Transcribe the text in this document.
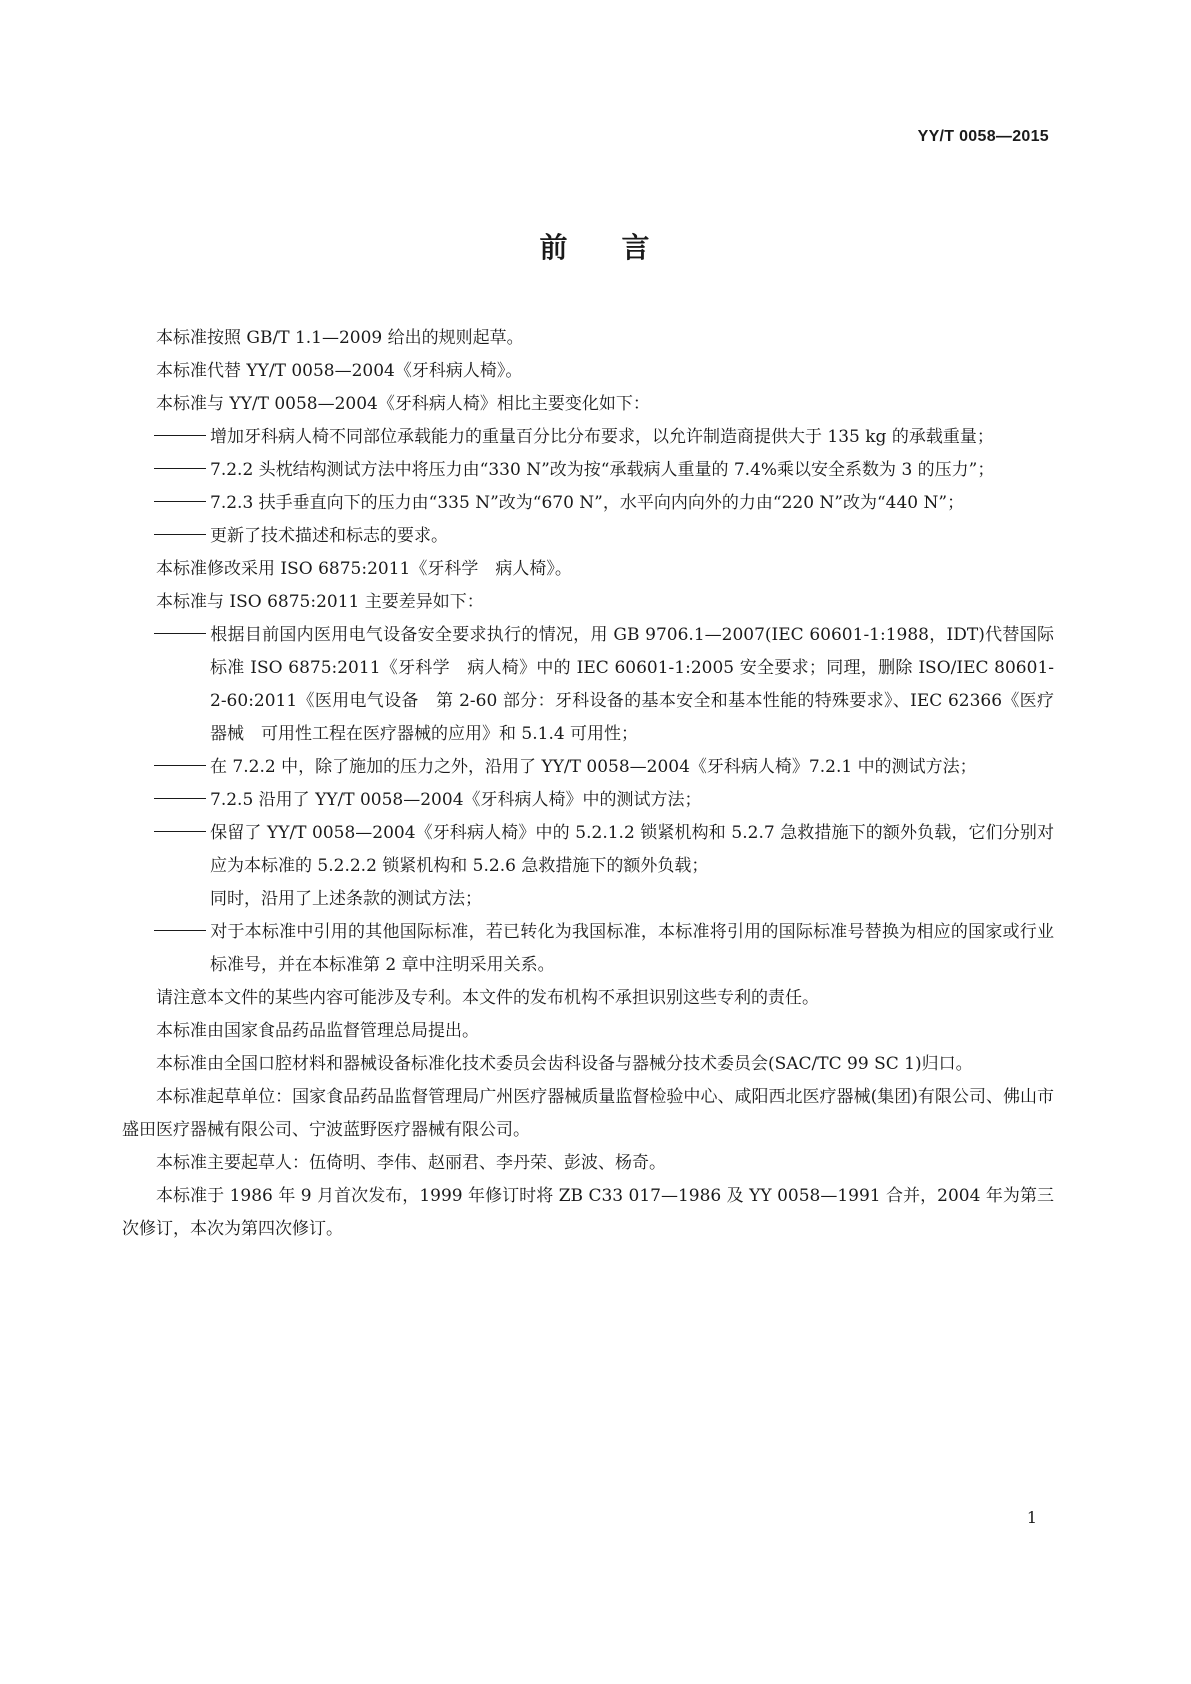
YY/T 0058—2015
前 言

本标准按照 GB/T 1.1—2009 给出的规则起草。

本标准代替 YY/T 0058—2004《牙科病人椅》。

本标准与 YY/T 0058—2004《牙科病人椅》相比主要变化如下：

增加牙科病人椅不同部位承载能力的重量百分比分布要求，以允许制造商提供大于 135 kg 的承载重量；

7.2.2 头枕结构测试方法中将压力由“330 N”改为按“承载病人重量的 7.4%乘以安全系数为 3 的压力”；

7.2.3 扶手垂直向下的压力由“335 N”改为“670 N”，水平向内向外的力由“220 N”改为“440 N”；

更新了技术描述和标志的要求。

本标准修改采用 ISO 6875:2011《牙科学　病人椅》。

本标准与 ISO 6875:2011 主要差异如下：

根据目前国内医用电气设备安全要求执行的情况，用 GB 9706.1—2007(IEC 60601-1:1988，IDT)代替国际标准 ISO 6875:2011《牙科学　病人椅》中的 IEC 60601-1:2005 安全要求；同理，删除 ISO/IEC 80601-2-60:2011《医用电气设备　第 2-60 部分：牙科设备的基本安全和基本性能的特殊要求》、IEC 62366《医疗器械　可用性工程在医疗器械的应用》和 5.1.4 可用性；

在 7.2.2 中，除了施加的压力之外，沿用了 YY/T 0058—2004《牙科病人椅》7.2.1 中的测试方法；

7.2.5 沿用了 YY/T 0058—2004《牙科病人椅》中的测试方法；

保留了 YY/T 0058—2004《牙科病人椅》中的 5.2.1.2 锁紧机构和 5.2.7 急救措施下的额外负载，它们分别对应为本标准的 5.2.2.2 锁紧机构和 5.2.6 急救措施下的额外负载；

同时，沿用了上述条款的测试方法；

对于本标准中引用的其他国际标准，若已转化为我国标准，本标准将引用的国际标准号替换为相应的国家或行业标准号，并在本标准第 2 章中注明采用关系。

请注意本文件的某些内容可能涉及专利。本文件的发布机构不承担识别这些专利的责任。

本标准由国家食品药品监督管理总局提出。

本标准由全国口腔材料和器械设备标准化技术委员会齿科设备与器械分技术委员会(SAC/TC 99 SC 1)归口。

本标准起草单位：国家食品药品监督管理局广州医疗器械质量监督检验中心、咸阳西北医疗器械(集团)有限公司、佛山市盛田医疗器械有限公司、宁波蓝野医疗器械有限公司。

本标准主要起草人：伍倚明、李伟、赵丽君、李丹荣、彭波、杨奇。

本标准于 1986 年 9 月首次发布，1999 年修订时将 ZB C33 017—1986 及 YY 0058—1991 合并，2004 年为第三次修订，本次为第四次修订。

1
